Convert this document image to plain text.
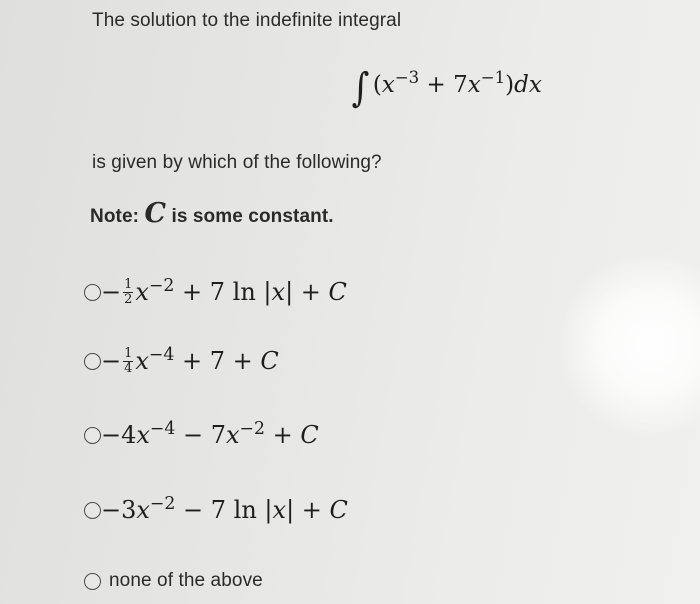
The solution to the indefinite integral
∫ $(x^{-3} + 7x^{-1})dx$
is given by which of the following?
Note: C is some constant.
− $\frac{1}{2} x^{-2} + 7$ ln |x| + C
− $\frac{1}{4} x^{-4} + 7 + C$
$-4x^{-4} - 7x^{-2} + C$
$-3x^{-2} - 7$ ln |x| + C
none of the above
